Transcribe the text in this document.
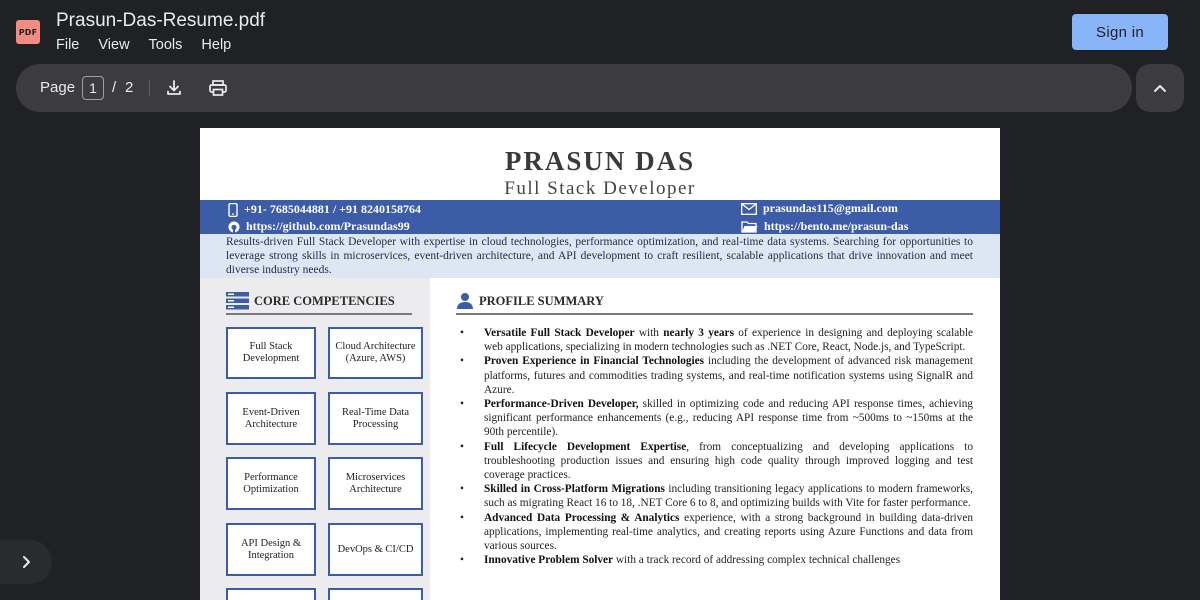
PDF
Prasun-Das-Resume.pdf
File View Tools Help
Sign in
Page	1	/ 2
PRASUN DAS
Full Stack Developer
+91- 7685044881 / +91 8240158764
https://github.com/Prasundas99
prasundas115@gmail.com
https://bento.me/prasun-das

Results-driven Full Stack Developer with expertise in cloud technologies, performance optimization, and real-time data systems. Searching for opportunities to leverage strong skills in microservices, event-driven architecture, and API development to craft resilient, scalable applications that drive innovation and meet diverse industry needs.

CORE COMPETENCIES
Full Stack Development
Cloud Architecture (Azure, AWS)
Event-Driven Architecture
Real-Time Data Processing
Performance Optimization
Microservices Architecture
API Design & Integration
DevOps & CI/CD
PROFILE SUMMARY
• Versatile Full Stack Developer with nearly 3 years of experience in designing and deploying scalable web applications, specializing in modern technologies such as .NET Core, React, Node.js, and TypeScript.
• Proven Experience in Financial Technologies including the development of advanced risk management platforms, futures and commodities trading systems, and real-time notification systems using SignalR and Azure.
• Performance-Driven Developer, skilled in optimizing code and reducing API response times, achieving significant performance enhancements (e.g., reducing API response time from ~500ms to ~150ms at the 90th percentile).
• Full Lifecycle Development Expertise, from conceptualizing and developing applications to troubleshooting production issues and ensuring high code quality through improved logging and test coverage practices.
• Skilled in Cross-Platform Migrations including transitioning legacy applications to modern frameworks, such as migrating React 16 to 18, .NET Core 6 to 8, and optimizing builds with Vite for faster performance.
• Advanced Data Processing & Analytics experience, with a strong background in building data-driven applications, implementing real-time analytics, and creating reports using Azure Functions and data from various sources.
• Innovative Problem Solver with a track record of addressing complex technical challenges
